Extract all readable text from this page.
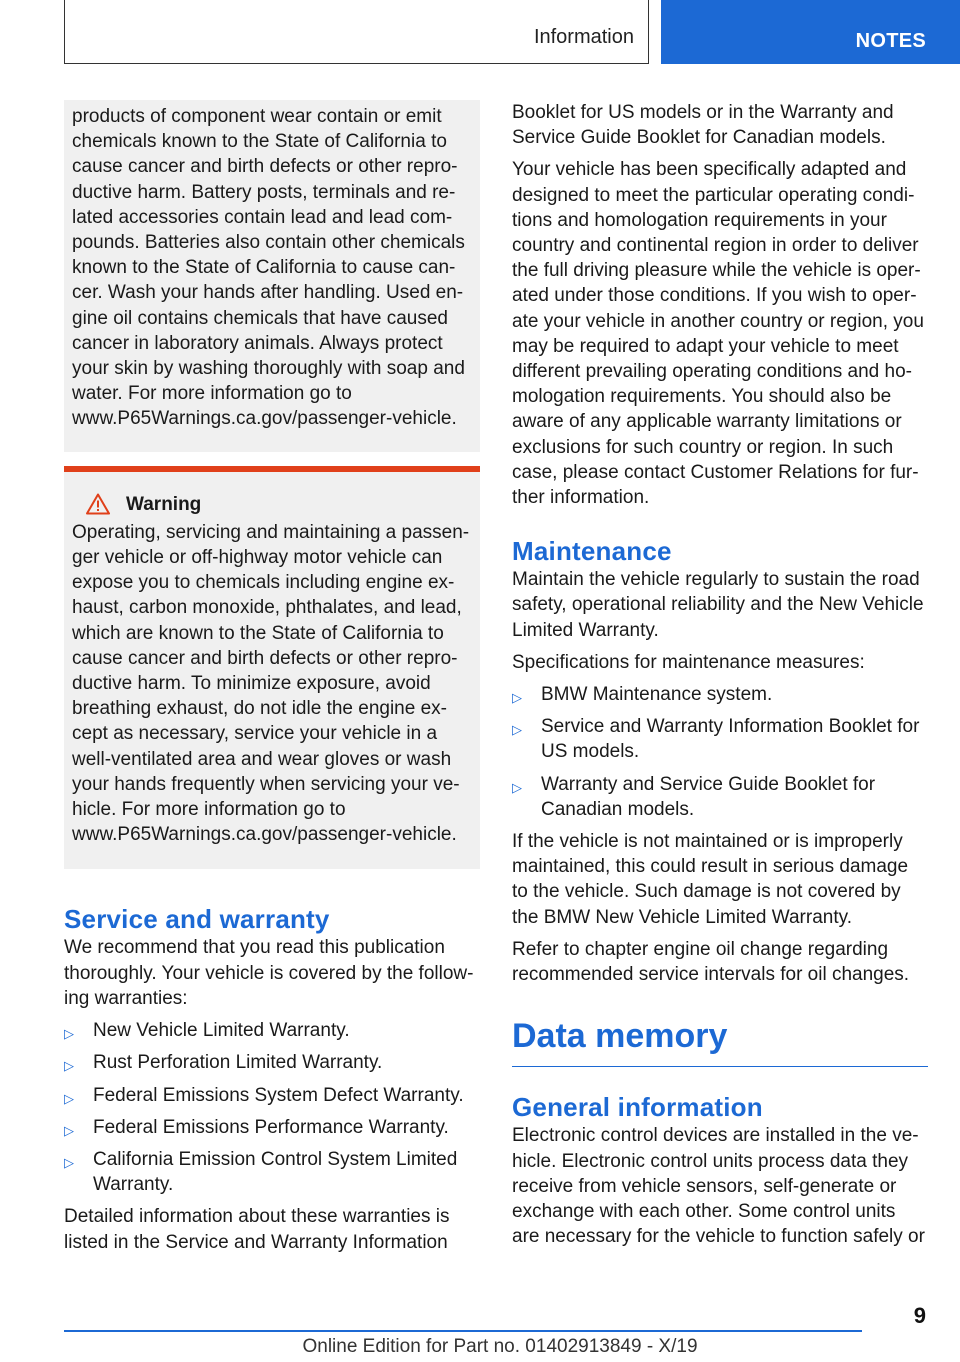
Information	NOTES

products of component wear contain or emit chemicals known to the State of California to cause cancer and birth defects or other repro-ductive harm. Battery posts, terminals and re-lated accessories contain lead and lead com-pounds. Batteries also contain other chemicals known to the State of California to cause can-cer. Wash your hands after handling. Used en-gine oil contains chemicals that have caused cancer in laboratory animals. Always protect your skin by washing thoroughly with soap and water. For more information go to www.P65Warnings.ca.gov/passenger-vehicle.

Warning

Operating, servicing and maintaining a passen-ger vehicle or off-highway motor vehicle can expose you to chemicals including engine ex-haust, carbon monoxide, phthalates, and lead, which are known to the State of California to cause cancer and birth defects or other repro-ductive harm. To minimize exposure, avoid breathing exhaust, do not idle the engine ex-cept as necessary, service your vehicle in a well-ventilated area and wear gloves or wash your hands frequently when servicing your ve-hicle. For more information go to www.P65Warnings.ca.gov/passenger-vehicle.

Service and warranty

We recommend that you read this publication thoroughly. Your vehicle is covered by the follow-ing warranties:

▷ New Vehicle Limited Warranty.
▷ Rust Perforation Limited Warranty.
▷ Federal Emissions System Defect Warranty.
▷ Federal Emissions Performance Warranty.
▷ California Emission Control System Limited Warranty.

Detailed information about these warranties is listed in the Service and Warranty Information

Booklet for US models or in the Warranty and Service Guide Booklet for Canadian models.

Your vehicle has been specifically adapted and designed to meet the particular operating condi-tions and homologation requirements in your country and continental region in order to deliver the full driving pleasure while the vehicle is oper-ated under those conditions. If you wish to oper-ate your vehicle in another country or region, you may be required to adapt your vehicle to meet different prevailing operating conditions and ho-mologation requirements. You should also be aware of any applicable warranty limitations or exclusions for such country or region. In such case, please contact Customer Relations for fur-ther information.

Maintenance

Maintain the vehicle regularly to sustain the road safety, operational reliability and the New Vehicle Limited Warranty.

Specifications for maintenance measures:

▷ BMW Maintenance system.
▷ Service and Warranty Information Booklet for US models.
▷ Warranty and Service Guide Booklet for Canadian models.

If the vehicle is not maintained or is improperly maintained, this could result in serious damage to the vehicle. Such damage is not covered by the BMW New Vehicle Limited Warranty.

Refer to chapter engine oil change regarding recommended service intervals for oil changes.

Data memory
General information

Electronic control devices are installed in the ve-hicle. Electronic control units process data they receive from vehicle sensors, self-generate or exchange with each other. Some control units are necessary for the vehicle to function safely or

9
Online Edition for Part no. 01402913849 - X/19
